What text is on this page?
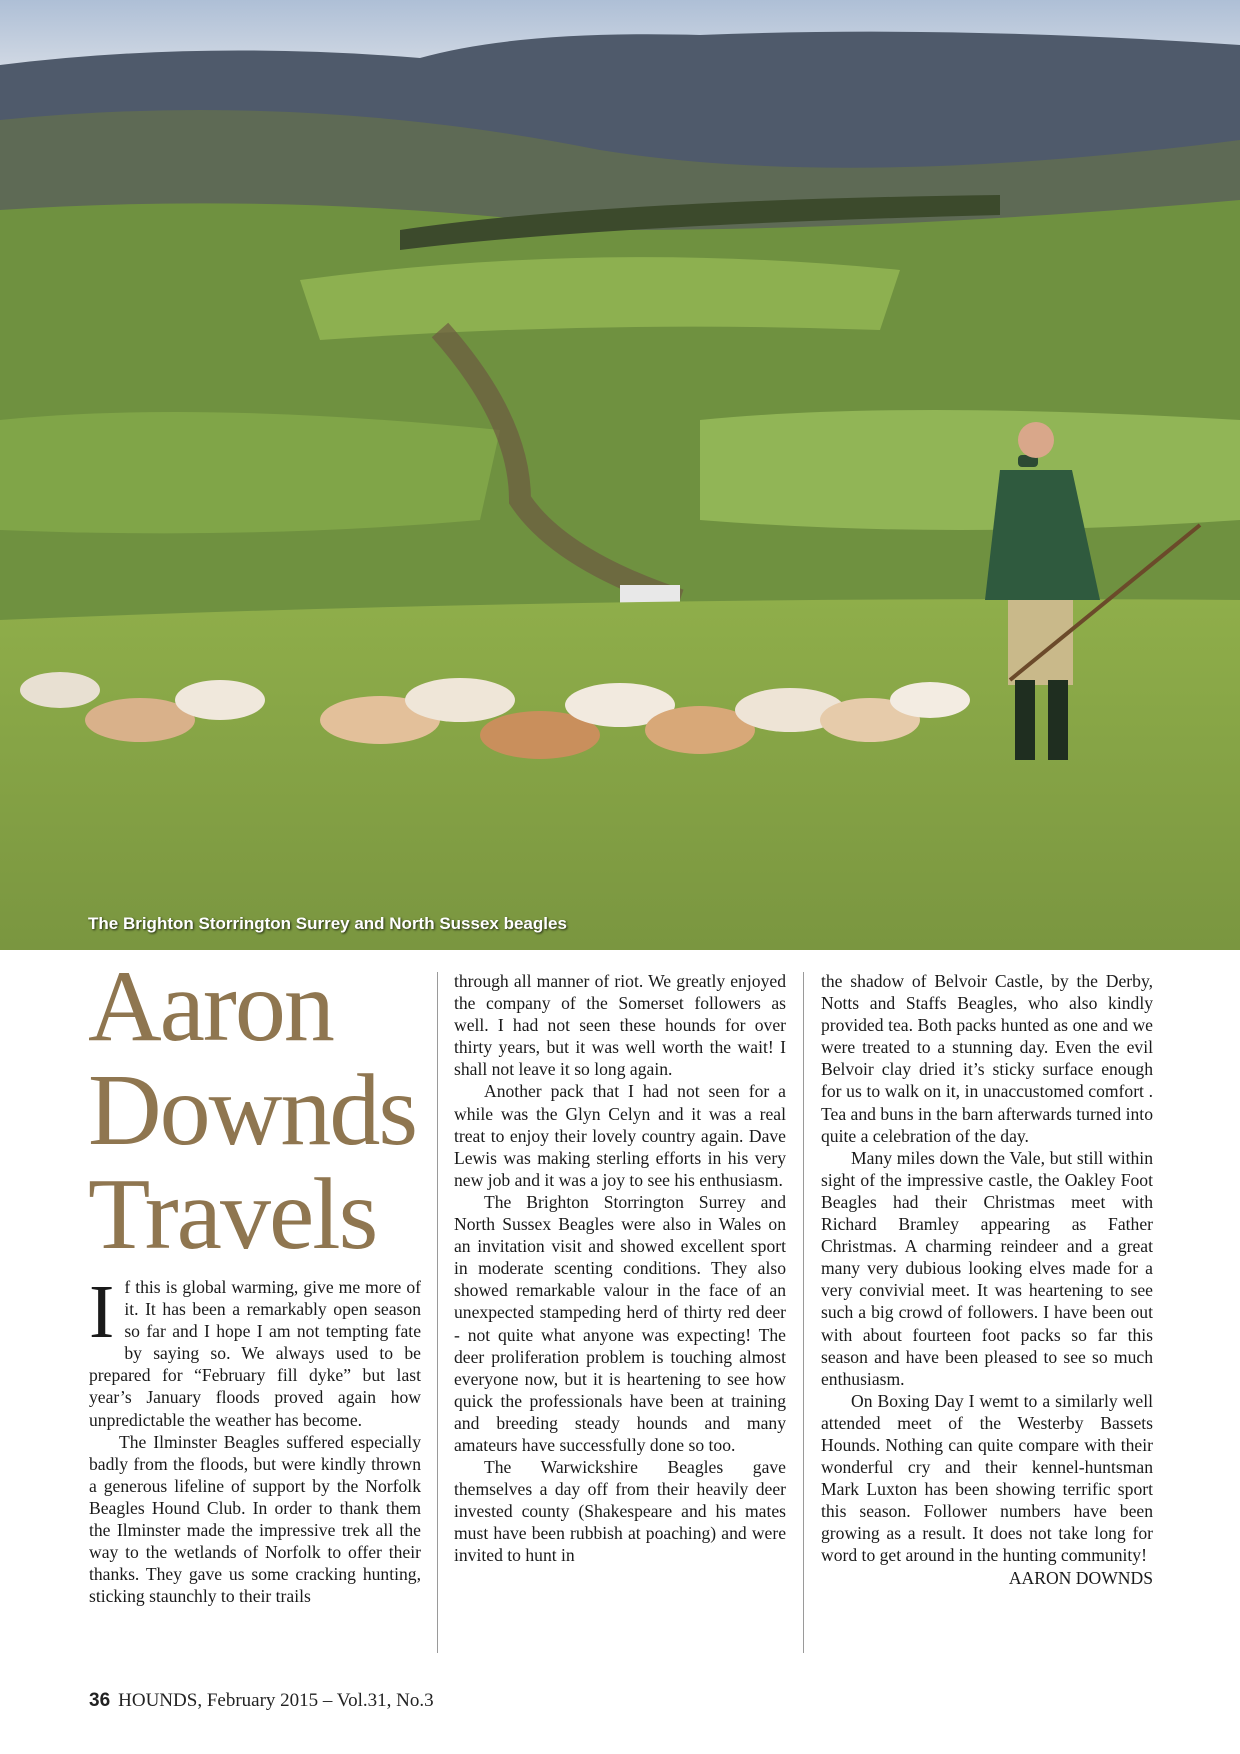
The Brighton Storrington Surrey and North Sussex beagles
Aaron
Downds
Travels

If this is global warming, give me more of it. It has been a remarkably open season so far and I hope I am not tempting fate by saying so. We always used to be prepared for “February fill dyke” but last year’s January floods proved again how unpredictable the weather has become.

The Ilminster Beagles suffered especially badly from the floods, but were kindly thrown a generous lifeline of support by the Norfolk Beagles Hound Club. In order to thank them the Ilminster made the impressive trek all the way to the wetlands of Norfolk to offer their thanks. They gave us some cracking hunting, sticking staunchly to their trails

through all manner of riot. We greatly enjoyed the company of the Somerset followers as well. I had not seen these hounds for over thirty years, but it was well worth the wait! I shall not leave it so long again.

Another pack that I had not seen for a while was the Glyn Celyn and it was a real treat to enjoy their lovely country again. Dave Lewis was making sterling efforts in his very new job and it was a joy to see his enthusiasm.

The Brighton Storrington Surrey and North Sussex Beagles were also in Wales on an invitation visit and showed excellent sport in moderate scenting conditions. They also showed remarkable valour in the face of an unexpected stampeding herd of thirty red deer - not quite what anyone was expecting! The deer proliferation problem is touching almost everyone now, but it is heartening to see how quick the professionals have been at training and breeding steady hounds and many amateurs have successfully done so too.

The Warwickshire Beagles gave themselves a day off from their heavily deer invested county (Shakespeare and his mates must have been rubbish at poaching) and were invited to hunt in

the shadow of Belvoir Castle, by the Derby, Notts and Staffs Beagles, who also kindly provided tea. Both packs hunted as one and we were treated to a stunning day. Even the evil Belvoir clay dried it’s sticky surface enough for us to walk on it, in unaccustomed comfort . Tea and buns in the barn afterwards turned into quite a celebration of the day.

Many miles down the Vale, but still within sight of the impressive castle, the Oakley Foot Beagles had their Christmas meet with Richard Bramley appearing as Father Christmas. A charming reindeer and a great many very dubious looking elves made for a very convivial meet. It was heartening to see such a big crowd of followers. I have been out with about fourteen foot packs so far this season and have been pleased to see so much enthusiasm.

On Boxing Day I wemt to a similarly well attended meet of the Westerby Bassets Hounds. Nothing can quite compare with their wonderful cry and their kennel-huntsman Mark Luxton has been showing terrific sport this season. Follower numbers have been growing as a result. It does not take long for word to get around in the hunting community!

AARON DOWNDS

36 HOUNDS, February 2015 – Vol.31, No.3
